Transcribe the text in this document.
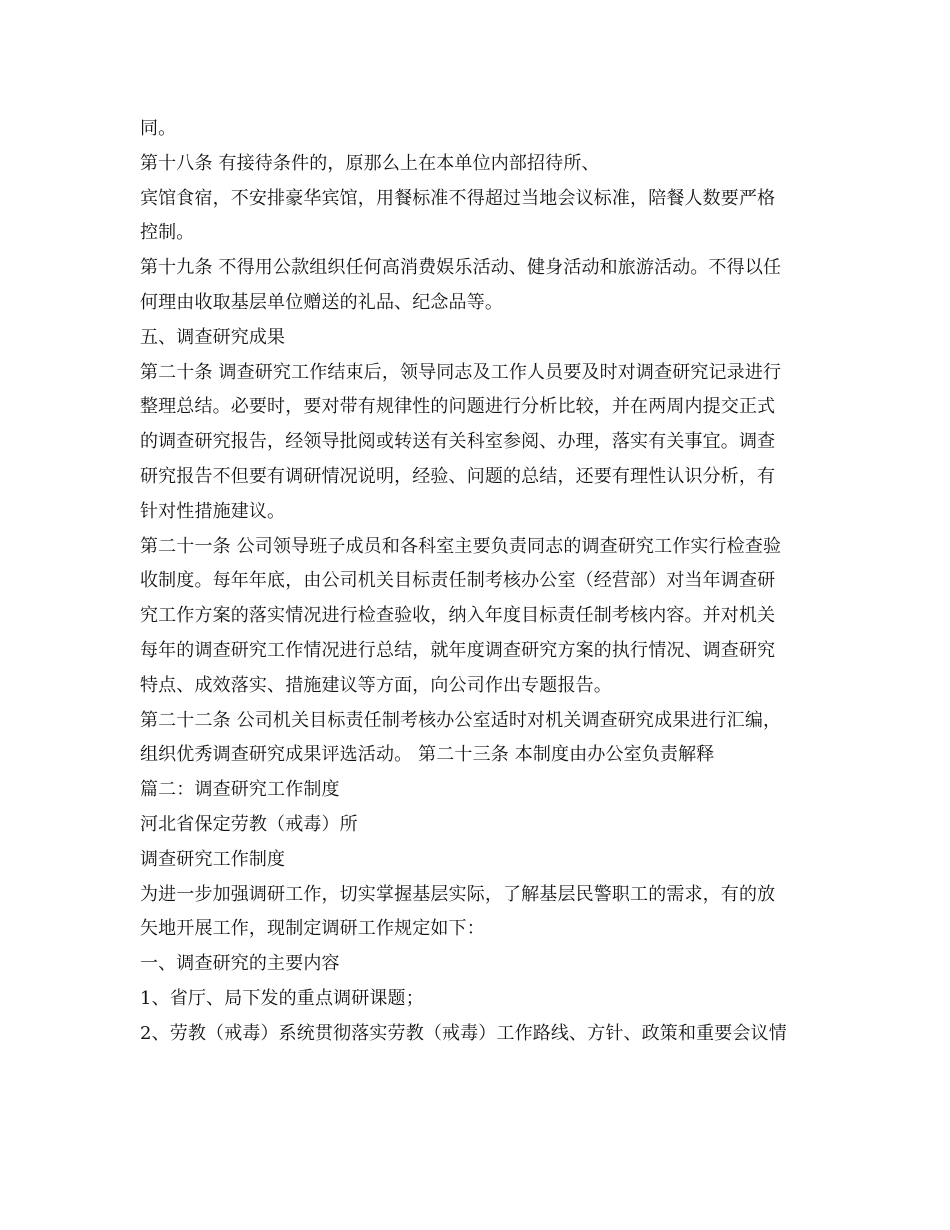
同。
第十八条 有接待条件的，原那么上在本单位内部招待所、
宾馆食宿，不安排豪华宾馆，用餐标准不得超过当地会议标准，陪餐人数要严格
控制。
第十九条 不得用公款组织任何高消费娱乐活动、健身活动和旅游活动。不得以任
何理由收取基层单位赠送的礼品、纪念品等。
五、调查研究成果
第二十条 调查研究工作结束后，领导同志及工作人员要及时对调查研究记录进行
整理总结。必要时，要对带有规律性的问题进行分析比较，并在两周内提交正式
的调查研究报告，经领导批阅或转送有关科室参阅、办理，落实有关事宜。调查
研究报告不但要有调研情况说明，经验、问题的总结，还要有理性认识分析，有
针对性措施建议。
第二十一条 公司领导班子成员和各科室主要负责同志的调查研究工作实行检查验
收制度。每年年底，由公司机关目标责任制考核办公室（经营部）对当年调查研
究工作方案的落实情况进行检查验收，纳入年度目标责任制考核内容。并对机关
每年的调查研究工作情况进行总结，就年度调查研究方案的执行情况、调查研究
特点、成效落实、措施建议等方面，向公司作出专题报告。
第二十二条 公司机关目标责任制考核办公室适时对机关调查研究成果进行汇编，
组织优秀调查研究成果评选活动。 第二十三条 本制度由办公室负责解释
篇二：调查研究工作制度
河北省保定劳教（戒毒）所
调查研究工作制度
为进一步加强调研工作，切实掌握基层实际，了解基层民警职工的需求，有的放
矢地开展工作，现制定调研工作规定如下：
一、调查研究的主要内容
1、省厅、局下发的重点调研课题；
2、劳教（戒毒）系统贯彻落实劳教（戒毒）工作路线、方针、政策和重要会议情
